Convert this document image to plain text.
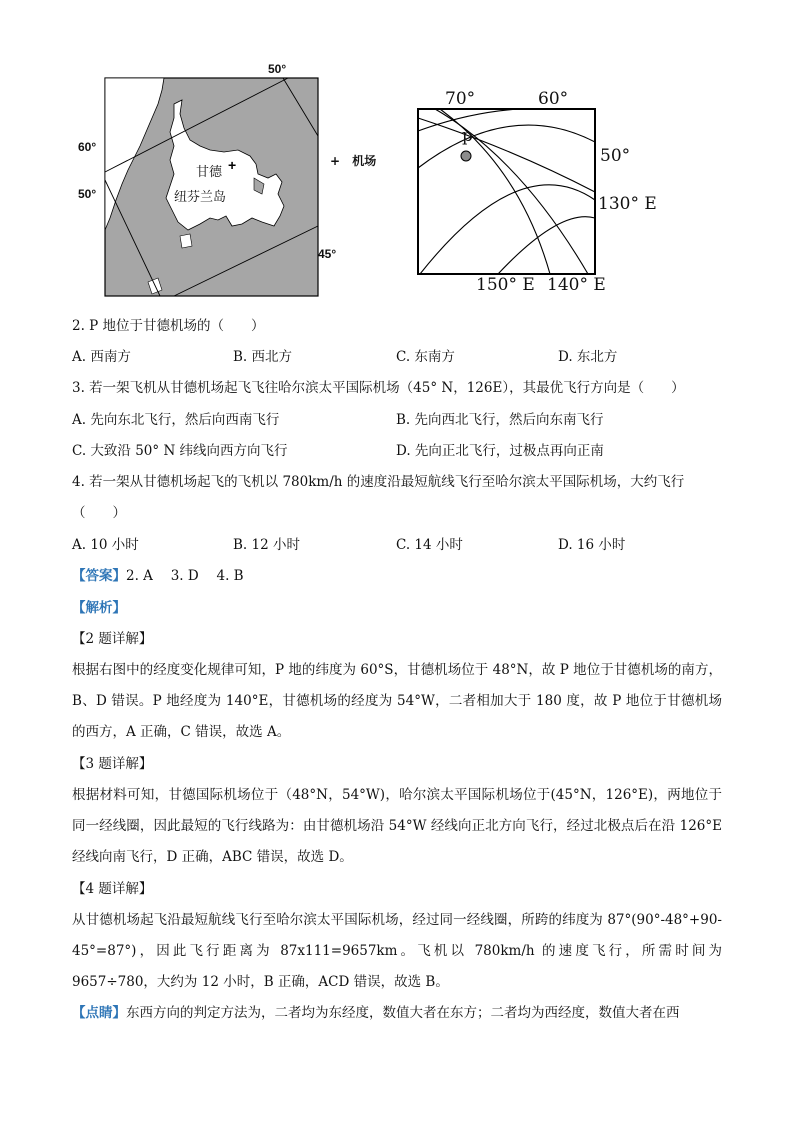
+
60°
50°
45°
50°
甘德
纽芬兰岛
+ 机场
70°	60°
50°
130° E
150° E 140° E
p
2. P 地位于甘德机场的（　　）
A. 西南方	B. 西北方	C. 东南方	D. 东北方
3. 若一架飞机从甘德机场起飞飞往哈尔滨太平国际机场（45° N，126E），其最优飞行方向是（　　）
A. 先向东北飞行，然后向西南飞行	B. 先向西北飞行，然后向东南飞行
C. 大致沿 50° N 纬线向西方向飞行	D. 先向正北飞行，过极点再向正南
4. 若一架从甘德机场起飞的飞机以 780km/h 的速度沿最短航线飞行至哈尔滨太平国际机场，大约飞行
（　　）
A. 10 小时	B. 12 小时	C. 14 小时	D. 16 小时
【答案】2. A　 3. D　 4. B
【解析】
【2 题详解】
根据右图中的经度变化规律可知，P 地的纬度为 60°S，甘德机场位于 48°N，故 P 地位于甘德机场的南方，B、D 错误。P 地经度为 140°E，甘德机场的经度为 54°W，二者相加大于 180 度，故 P 地位于甘德机场的西方，A 正确，C 错误，故选 A。
【3 题详解】
根据材料可知，甘德国际机场位于（48°N，54°W)，哈尔滨太平国际机场位于(45°N，126°E)，两地位于同一经线圈，因此最短的飞行线路为：由甘德机场沿 54°W 经线向正北方向飞行，经过北极点后在沿 126°E 经线向南飞行，D 正确，ABC 错误，故选 D。
【4 题详解】
从甘德机场起飞沿最短航线飞行至哈尔滨太平国际机场，经过同一经线圈，所跨的纬度为 87°(90°-48°+90-45°=87°)，因此飞行距离为 87x111=9657km。飞机以 780km/h 的速度飞行，所需时间为 9657÷780，大约为 12 小时，B 正确，ACD 错误，故选 B。
【点睛】东西方向的判定方法为，二者均为东经度，数值大者在东方；二者均为西经度，数值大者在西
